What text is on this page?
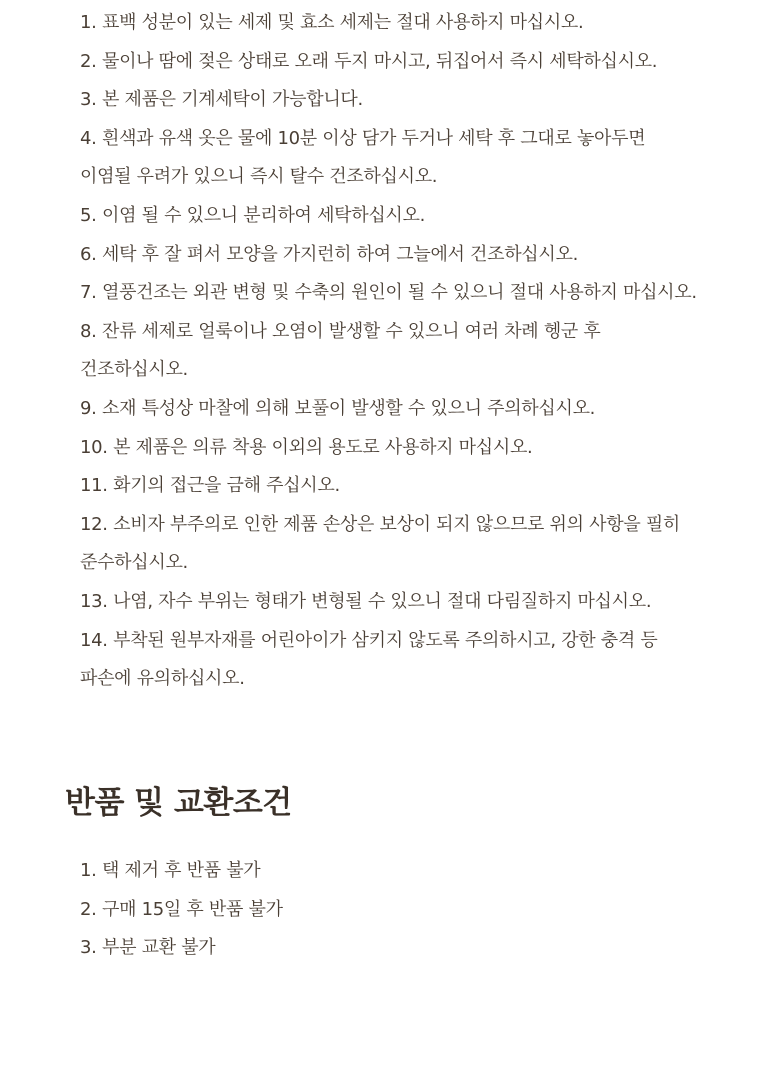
1. 표백 성분이 있는 세제 및 효소 세제는 절대 사용하지 마십시오.
2. 물이나 땀에 젖은 상태로 오래 두지 마시고, 뒤집어서 즉시 세탁하십시오.
3. 본 제품은 기계세탁이 가능합니다.
4. 흰색과 유색 옷은 물에 10분 이상 담가 두거나 세탁 후 그대로 놓아두면
이염될 우려가 있으니 즉시 탈수 건조하십시오.
5. 이염 될 수 있으니 분리하여 세탁하십시오.
6. 세탁 후 잘 펴서 모양을 가지런히 하여 그늘에서 건조하십시오.
7. 열풍건조는 외관 변형 및 수축의 원인이 될 수 있으니 절대 사용하지 마십시오.
8. 잔류 세제로 얼룩이나 오염이 발생할 수 있으니 여러 차례 헹군 후
건조하십시오.
9. 소재 특성상 마찰에 의해 보풀이 발생할 수 있으니 주의하십시오.
10. 본 제품은 의류 착용 이외의 용도로 사용하지 마십시오.
11. 화기의 접근을 금해 주십시오.
12. 소비자 부주의로 인한 제품 손상은 보상이 되지 않으므로 위의 사항을 필히
준수하십시오.
13. 나염, 자수 부위는 형태가 변형될 수 있으니 절대 다림질하지 마십시오.
14. 부착된 원부자재를 어린아이가 삼키지 않도록 주의하시고, 강한 충격 등
파손에 유의하십시오.
반품 및 교환조건
1. 택 제거 후 반품 불가
2. 구매 15일 후 반품 불가
3. 부분 교환 불가
